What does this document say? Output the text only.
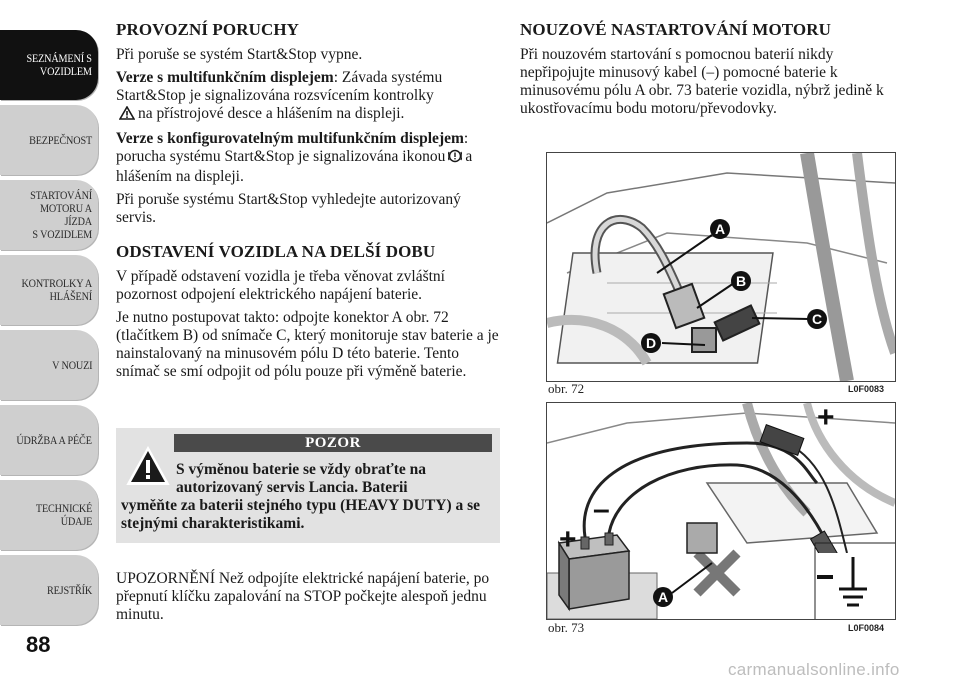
SEZNÁMENÍ S
VOZIDLEM
BEZPEČNOST
STARTOVÁNÍ
MOTORU A JÍZDA
S VOZIDLEM
KONTROLKY A
HLÁŠENÍ
V NOUZI
ÚDRŽBA A PÉČE
TECHNICKÉ
ÚDAJE
REJSTŘÍK
88
PROVOZNÍ PORUCHY

Při poruše se systém Start&Stop vypne.

Verze s multifunkčním displejem: Závada systému Start&Stop je signalizována rozsvícením kontrolky
na přístrojové desce a hlášením na displeji.

Verze s konfigurovatelným multifunkčním displejem: porucha systému Start&Stop je signalizována ikonou a hlášením na displeji.

Při poruše systému Start&Stop vyhledejte autorizovaný servis.

ODSTAVENÍ VOZIDLA NA DELŠÍ DOBU

V případě odstavení vozidla je třeba věnovat zvláštní pozornost odpojení elektrického napájení baterie.

Je nutno postupovat takto: odpojte konektor A obr. 72 (tlačítkem B) od snímače C, který monitoruje stav baterie a je nainstalovaný na minusovém pólu D této baterie. Tento snímač se smí odpojit od pólu pouze při výměně baterie.

POZOR
S výměnou baterie se vždy obraťte na autorizovaný servis Lancia. Baterii
vyměňte za baterii stejného typu (HEAVY DUTY) a se stejnými charakteristikami.

UPOZORNĚNÍ Než odpojíte elektrické napájení baterie, po přepnutí klíčku zapalování na STOP počkejte alespoň jednu minutu.

NOUZOVÉ NASTARTOVÁNÍ MOTORU

Při nouzovém startování s pomocnou baterií nikdy nepřipojujte minusový kabel (–) pomocné baterie k minusovému pólu A obr. 73 baterie vozidla, nýbrž jedině k ukostřovacímu bodu motoru/převodovky.

A
B
C
D
obr. 72	L0F0083
+
+
–
A
obr. 73	L0F0084
carmanualsonline.info
